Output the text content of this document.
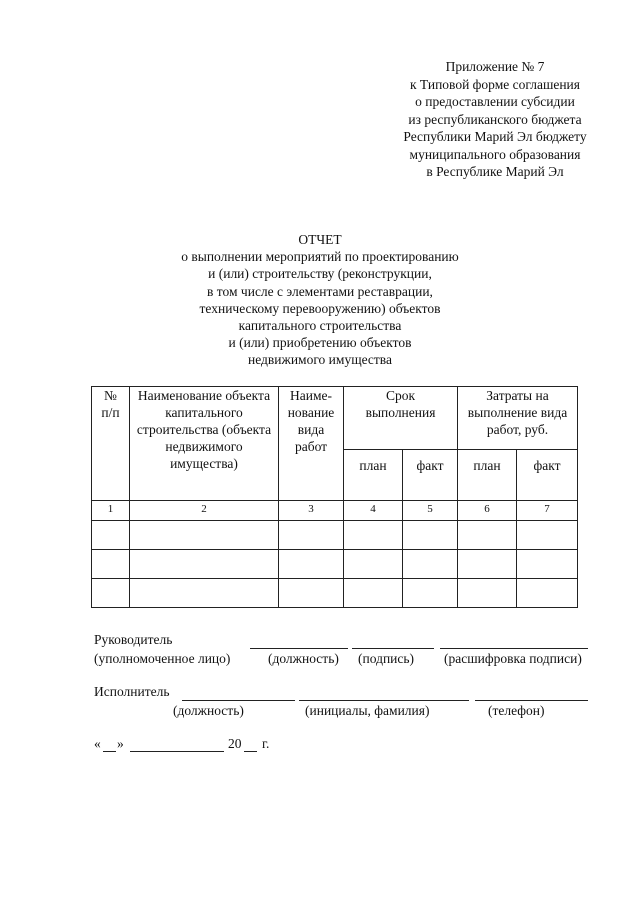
Приложение № 7
к Типовой форме соглашения
о предоставлении субсидии
из республиканского бюджета
Республики Марий Эл бюджету
муниципального образования
в Республике Марий Эл
ОТЧЕТ
о выполнении мероприятий по проектированию
и (или) строительству (реконструкции,
в том числе с элементами реставрации,
техническому перевооружению) объектов
капитального строительства
и (или) приобретению объектов
недвижимого имущества
№ п/п	Наименование объекта капитального строительства (объекта недвижимого имущества)	Наиме-нование вида работ	Срок выполнения		Затраты на выполнение вида работ, руб.	

			план	факт	план	факт

1	2	3	4	5	6	7

Руководитель
(уполномоченное лицо)	(должность) (подпись) (расшифровка подписи)
Исполнитель
(должность)	(инициалы, фамилия)	(телефон)
« »	20 г.
